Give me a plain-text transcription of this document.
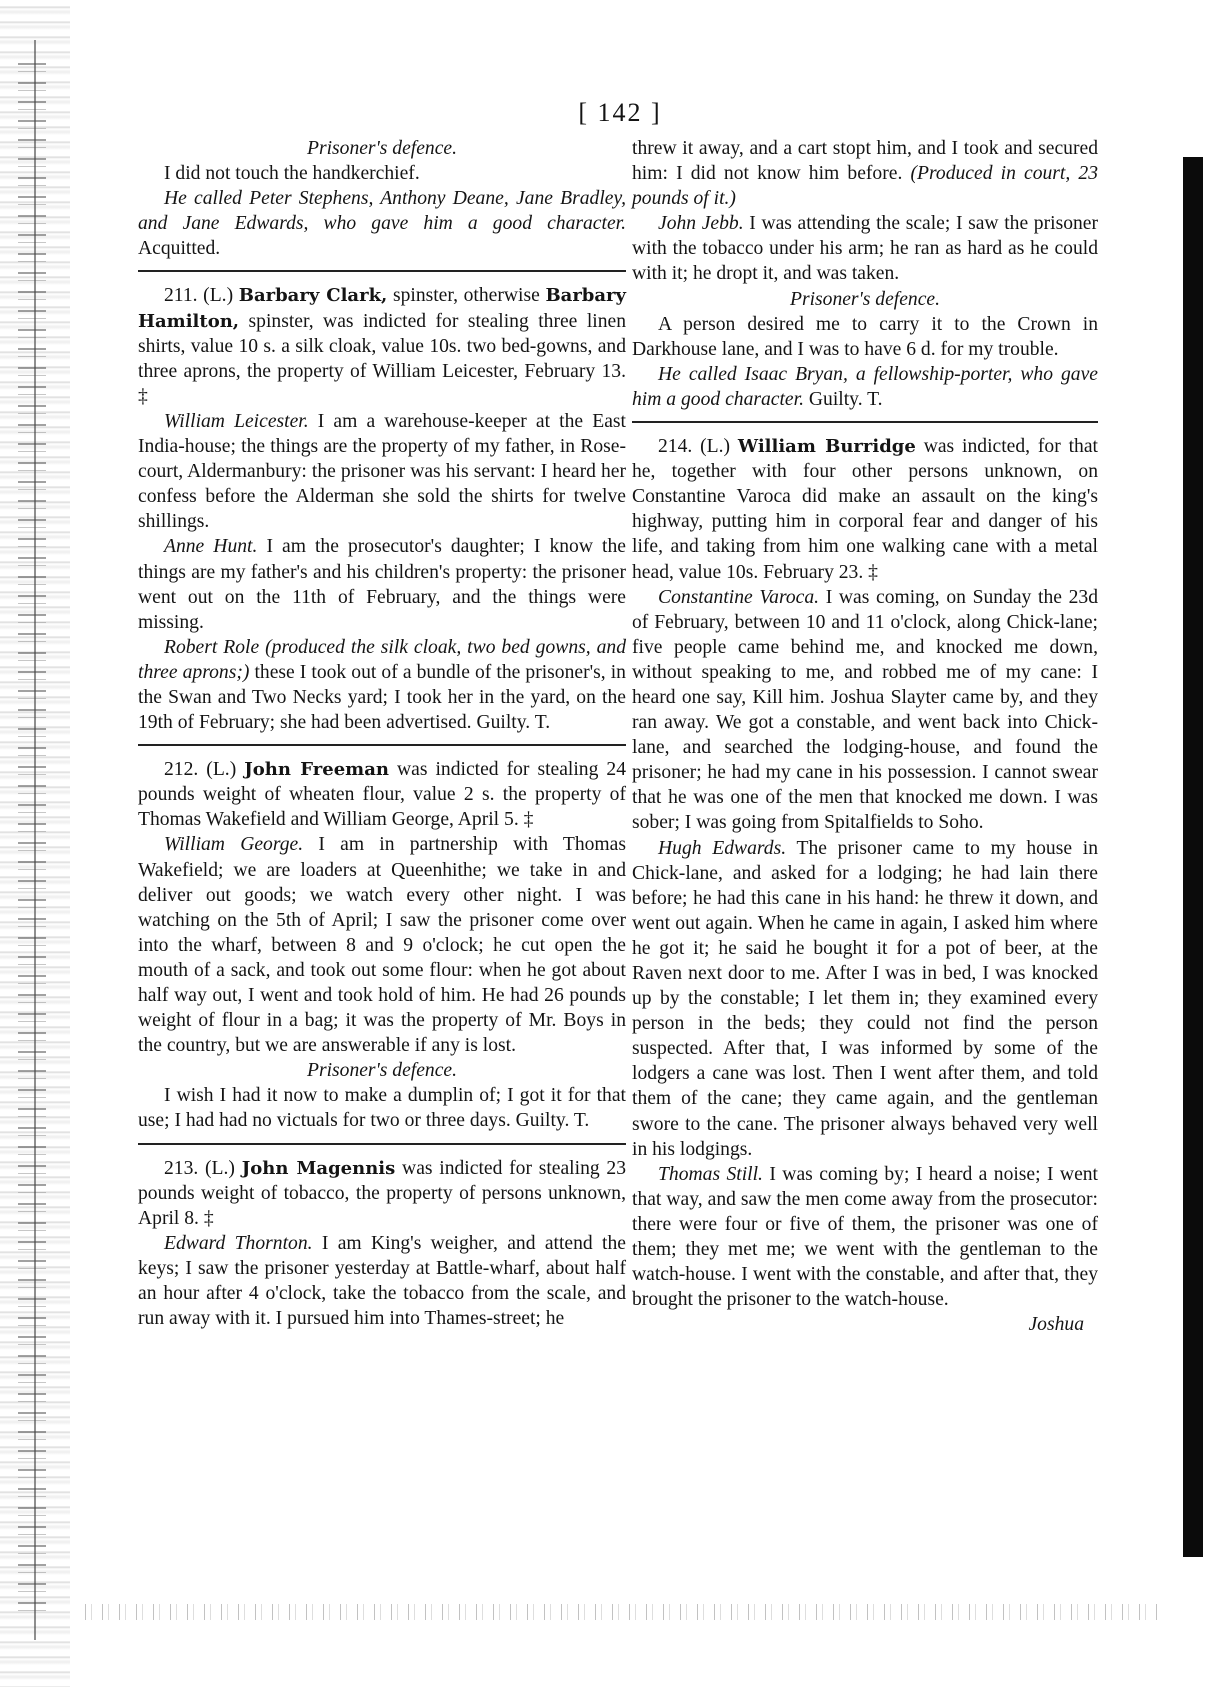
[ 142 ]

Prisoner's defence.

I did not touch the handkerchief.

He called Peter Stephens, Anthony Deane, Jane Bradley, and Jane Edwards, who gave him a good character. Acquitted.

211. (L.) Barbary Clark, spinster, otherwise Barbary Hamilton, spinster, was indicted for stealing three linen shirts, value 10 s. a silk cloak, value 10s. two bed-gowns, and three aprons, the property of William Leicester, February 13. ‡

William Leicester. I am a warehouse-keeper at the East India-house; the things are the property of my father, in Rose-court, Aldermanbury: the prisoner was his servant: I heard her confess before the Alderman she sold the shirts for twelve shillings.

Anne Hunt. I am the prosecutor's daughter; I know the things are my father's and his children's property: the prisoner went out on the 11th of February, and the things were missing.

Robert Role (produced the silk cloak, two bed gowns, and three aprons;) these I took out of a bundle of the prisoner's, in the Swan and Two Necks yard; I took her in the yard, on the 19th of February; she had been advertised. Guilty. T.

212. (L.) John Freeman was indicted for stealing 24 pounds weight of wheaten flour, value 2 s. the property of Thomas Wakefield and William George, April 5. ‡

William George. I am in partnership with Thomas Wakefield; we are loaders at Queenhithe; we take in and deliver out goods; we watch every other night. I was watching on the 5th of April; I saw the prisoner come over into the wharf, between 8 and 9 o'clock; he cut open the mouth of a sack, and took out some flour: when he got about half way out, I went and took hold of him. He had 26 pounds weight of flour in a bag; it was the property of Mr. Boys in the country, but we are answerable if any is lost.

Prisoner's defence.

I wish I had it now to make a dumplin of; I got it for that use; I had had no victuals for two or three days. Guilty. T.

213. (L.) John Magennis was indicted for stealing 23 pounds weight of tobacco, the property of persons unknown, April 8. ‡

Edward Thornton. I am King's weigher, and attend the keys; I saw the prisoner yesterday at Battle-wharf, about half an hour after 4 o'clock, take the tobacco from the scale, and run away with it. I pursued him into Thames-street; he

threw it away, and a cart stopt him, and I took and secured him: I did not know him before. (Produced in court, 23 pounds of it.)

John Jebb. I was attending the scale; I saw the prisoner with the tobacco under his arm; he ran as hard as he could with it; he dropt it, and was taken.

Prisoner's defence.

A person desired me to carry it to the Crown in Darkhouse lane, and I was to have 6 d. for my trouble.

He called Isaac Bryan, a fellowship-porter, who gave him a good character. Guilty. T.

214. (L.) William Burridge was indicted, for that he, together with four other persons unknown, on Constantine Varoca did make an assault on the king's highway, putting him in corporal fear and danger of his life, and taking from him one walking cane with a metal head, value 10s. February 23. ‡

Constantine Varoca. I was coming, on Sunday the 23d of February, between 10 and 11 o'clock, along Chick-lane; five people came behind me, and knocked me down, without speaking to me, and robbed me of my cane: I heard one say, Kill him. Joshua Slayter came by, and they ran away. We got a constable, and went back into Chick-lane, and searched the lodging-house, and found the prisoner; he had my cane in his possession. I cannot swear that he was one of the men that knocked me down. I was sober; I was going from Spitalfields to Soho.

Hugh Edwards. The prisoner came to my house in Chick-lane, and asked for a lodging; he had lain there before; he had this cane in his hand: he threw it down, and went out again. When he came in again, I asked him where he got it; he said he bought it for a pot of beer, at the Raven next door to me. After I was in bed, I was knocked up by the constable; I let them in; they examined every person in the beds; they could not find the person suspected. After that, I was informed by some of the lodgers a cane was lost. Then I went after them, and told them of the cane; they came again, and the gentleman swore to the cane. The prisoner always behaved very well in his lodgings.

Thomas Still. I was coming by; I heard a noise; I went that way, and saw the men come away from the prosecutor: there were four or five of them, the prisoner was one of them; they met me; we went with the gentleman to the watch-house. I went with the constable, and after that, they brought the prisoner to the watch-house.

Joshua
